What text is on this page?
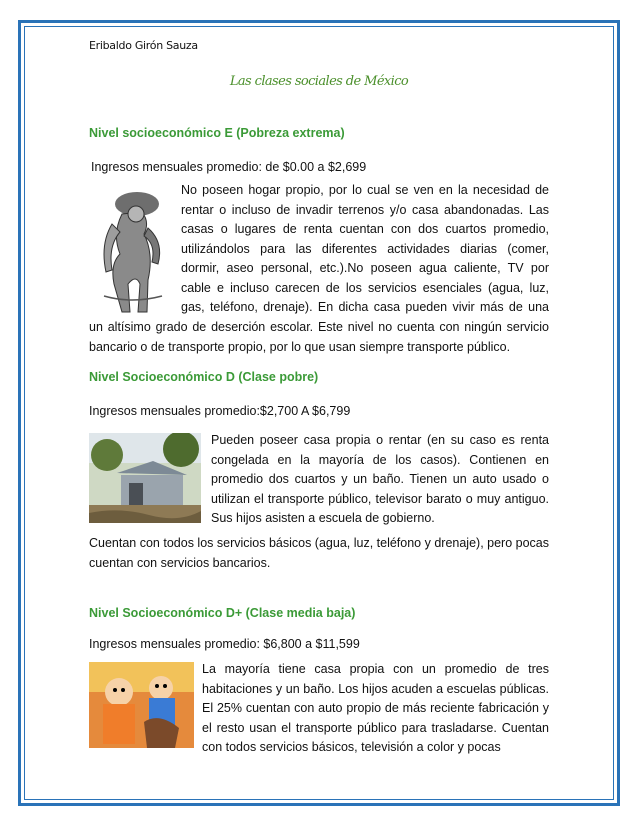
Eribaldo Girón Sauza
Las clases sociales de México
Nivel socioeconómico E (Pobreza extrema)
Ingresos mensuales promedio: de $0.00 a $2,699
No poseen hogar propio, por lo cual se ven en la necesidad de rentar o incluso de invadir terrenos y/o casa abandonadas. Las casas o lugares de renta cuentan con dos cuartos promedio, utilizándolos para las diferentes actividades diarias (comer, dormir, aseo personal, etc.).No poseen agua caliente, TV por cable e incluso carecen de los servicios esenciales (agua, luz, gas, teléfono, drenaje). En dicha casa pueden vivir más de una
un altísimo grado de deserción escolar. Este nivel no cuenta con ningún servicio bancario o de transporte propio, por lo que usan siempre transporte público.
Nivel Socioeconómico D (Clase pobre)
Ingresos mensuales promedio:$2,700 A $6,799
Pueden poseer casa propia o rentar (en su caso es renta congelada en la mayoría de los casos). Contienen en promedio dos cuartos y un baño. Tienen un auto usado o utilizan el transporte público, televisor barato o muy antiguo. Sus hijos asisten a escuela de gobierno.
Cuentan con todos los servicios básicos (agua, luz, teléfono y drenaje), pero pocas cuentan con servicios bancarios.
Nivel Socioeconómico D+ (Clase media baja)
Ingresos mensuales promedio: $6,800 a $11,599
La mayoría tiene casa propia con un promedio de tres habitaciones y un baño. Los hijos acuden a escuelas públicas. El 25% cuentan con auto propio de más reciente fabricación y el resto usan el transporte público para trasladarse. Cuentan con todos servicios básicos, televisión a color y pocas
